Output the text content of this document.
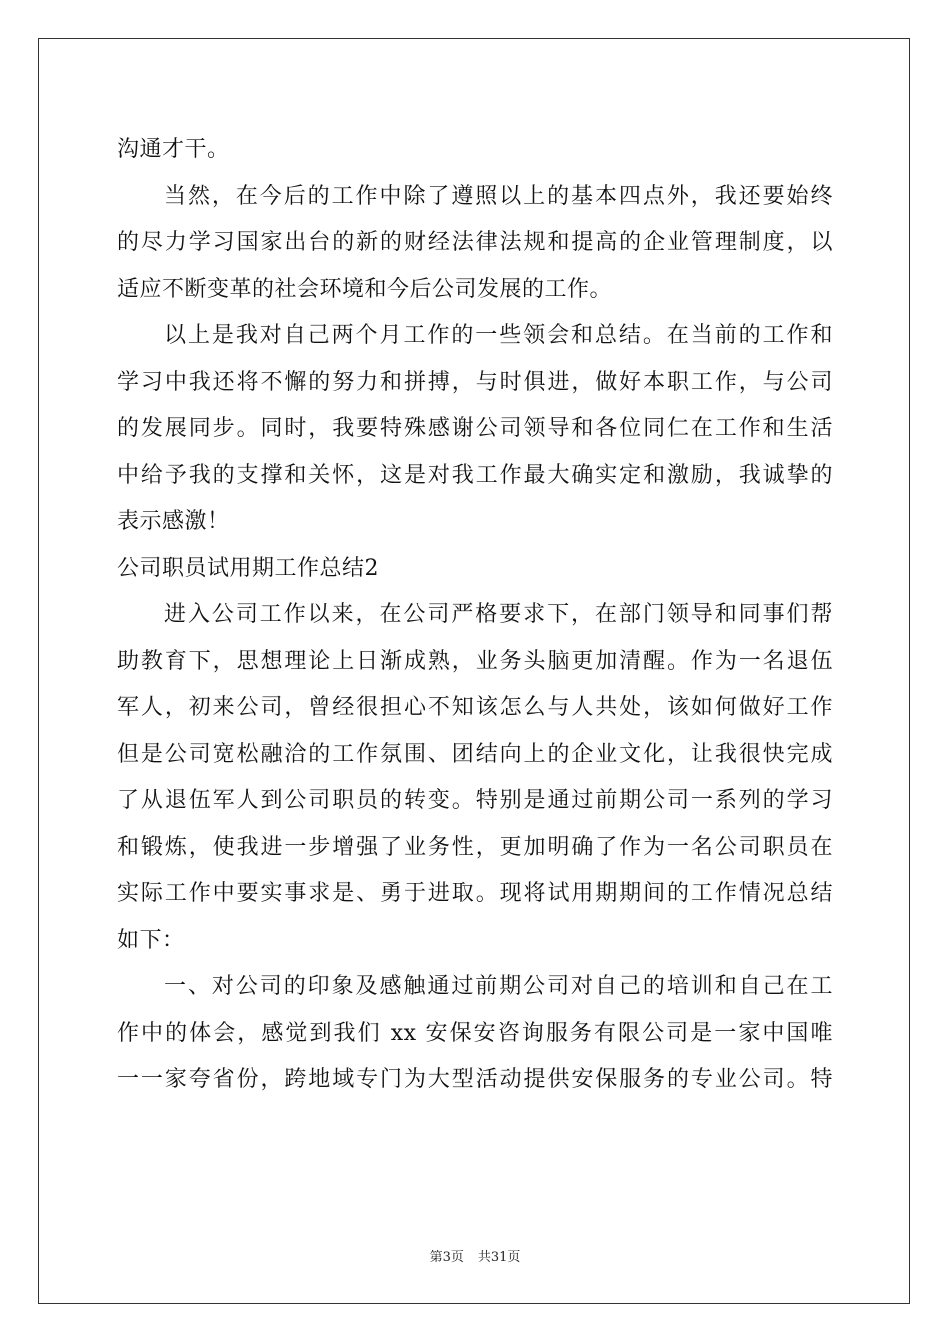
沟通才干。
当然，在今后的工作中除了遵照以上的基本四点外，我还要始终
的尽力学习国家出台的新的财经法律法规和提高的企业管理制度，以
适应不断变革的社会环境和今后公司发展的工作。
以上是我对自己两个月工作的一些领会和总结。在当前的工作和
学习中我还将不懈的努力和拼搏，与时俱进，做好本职工作，与公司
的发展同步。同时，我要特殊感谢公司领导和各位同仁在工作和生活
中给予我的支撑和关怀，这是对我工作最大确实定和激励，我诚挚的
表示感激！
公司职员试用期工作总结2
进入公司工作以来，在公司严格要求下，在部门领导和同事们帮
助教育下，思想理论上日渐成熟，业务头脑更加清醒。作为一名退伍
军人，初来公司，曾经很担心不知该怎么与人共处，该如何做好工作
但是公司宽松融洽的工作氛围、团结向上的企业文化，让我很快完成
了从退伍军人到公司职员的转变。特别是通过前期公司一系列的学习
和锻炼，使我进一步增强了业务性，更加明确了作为一名公司职员在
实际工作中要实事求是、勇于进取。现将试用期期间的工作情况总结
如下：
一、对公司的印象及感触通过前期公司对自己的培训和自己在工
作中的体会，感觉到我们 xx 安保安咨询服务有限公司是一家中国唯
一一家夸省份，跨地域专门为大型活动提供安保服务的专业公司。特
第3页 共31页
